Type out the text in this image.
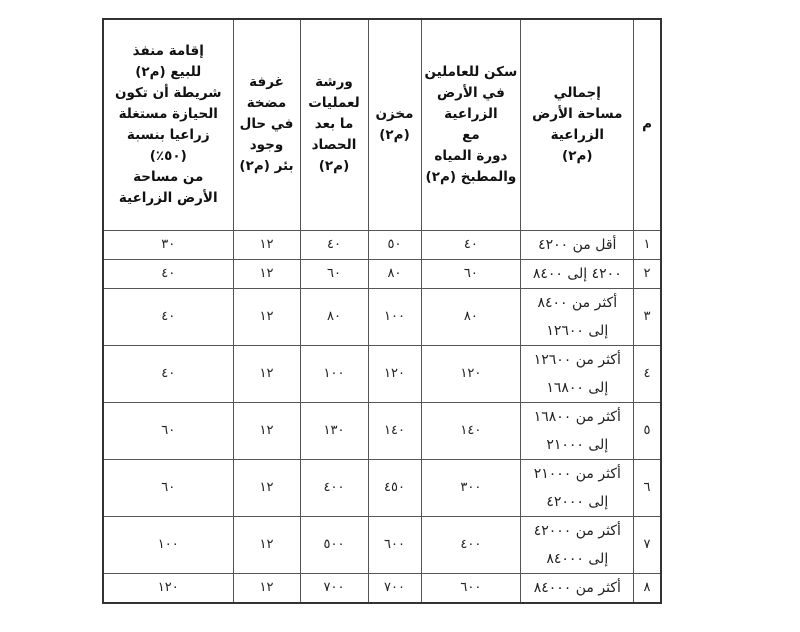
م	
إجمالي
مساحة الأرض
الزراعية
(م٢)

سكن للعاملين
في الأرض
الزراعية
مع
دورة المياه
والمطبخ (م٢)

مخزن
(م٢)

ورشة
لعمليات
ما بعد
الحصاد
(م٢)

غرفة
مضخة
في حال
وجود
بئر (م٢)

إقامة منفذ
للبيع (م٢)
شريطة أن تكون
الحيازة مستغلة
زراعيا بنسبة
(٥٠٪)
من مساحة
الأرض الزراعية

١	أقل من ٤٢٠٠	٤٠	٥٠	٤٠	١٢	٣٠
٢	٤٢٠٠ إلى ٨٤٠٠	٦٠	٨٠	٦٠	١٢	٤٠
٣	أكثر من ٨٤٠٠
إلى ١٢٦٠٠	٨٠	١٠٠	٨٠	١٢	٤٠
٤	أكثر من ١٢٦٠٠
إلى ١٦٨٠٠	١٢٠	١٢٠	١٠٠	١٢	٤٠
٥	أكثر من ١٦٨٠٠
إلى ٢١٠٠٠	١٤٠	١٤٠	١٣٠	١٢	٦٠
٦	أكثر من ٢١٠٠٠
إلى ٤٢٠٠٠	٣٠٠	٤٥٠	٤٠٠	١٢	٦٠
٧	أكثر من ٤٢٠٠٠
إلى ٨٤٠٠٠	٤٠٠	٦٠٠	٥٠٠	١٢	١٠٠
٨	أكثر من ٨٤٠٠٠	٦٠٠	٧٠٠	٧٠٠	١٢	١٢٠
